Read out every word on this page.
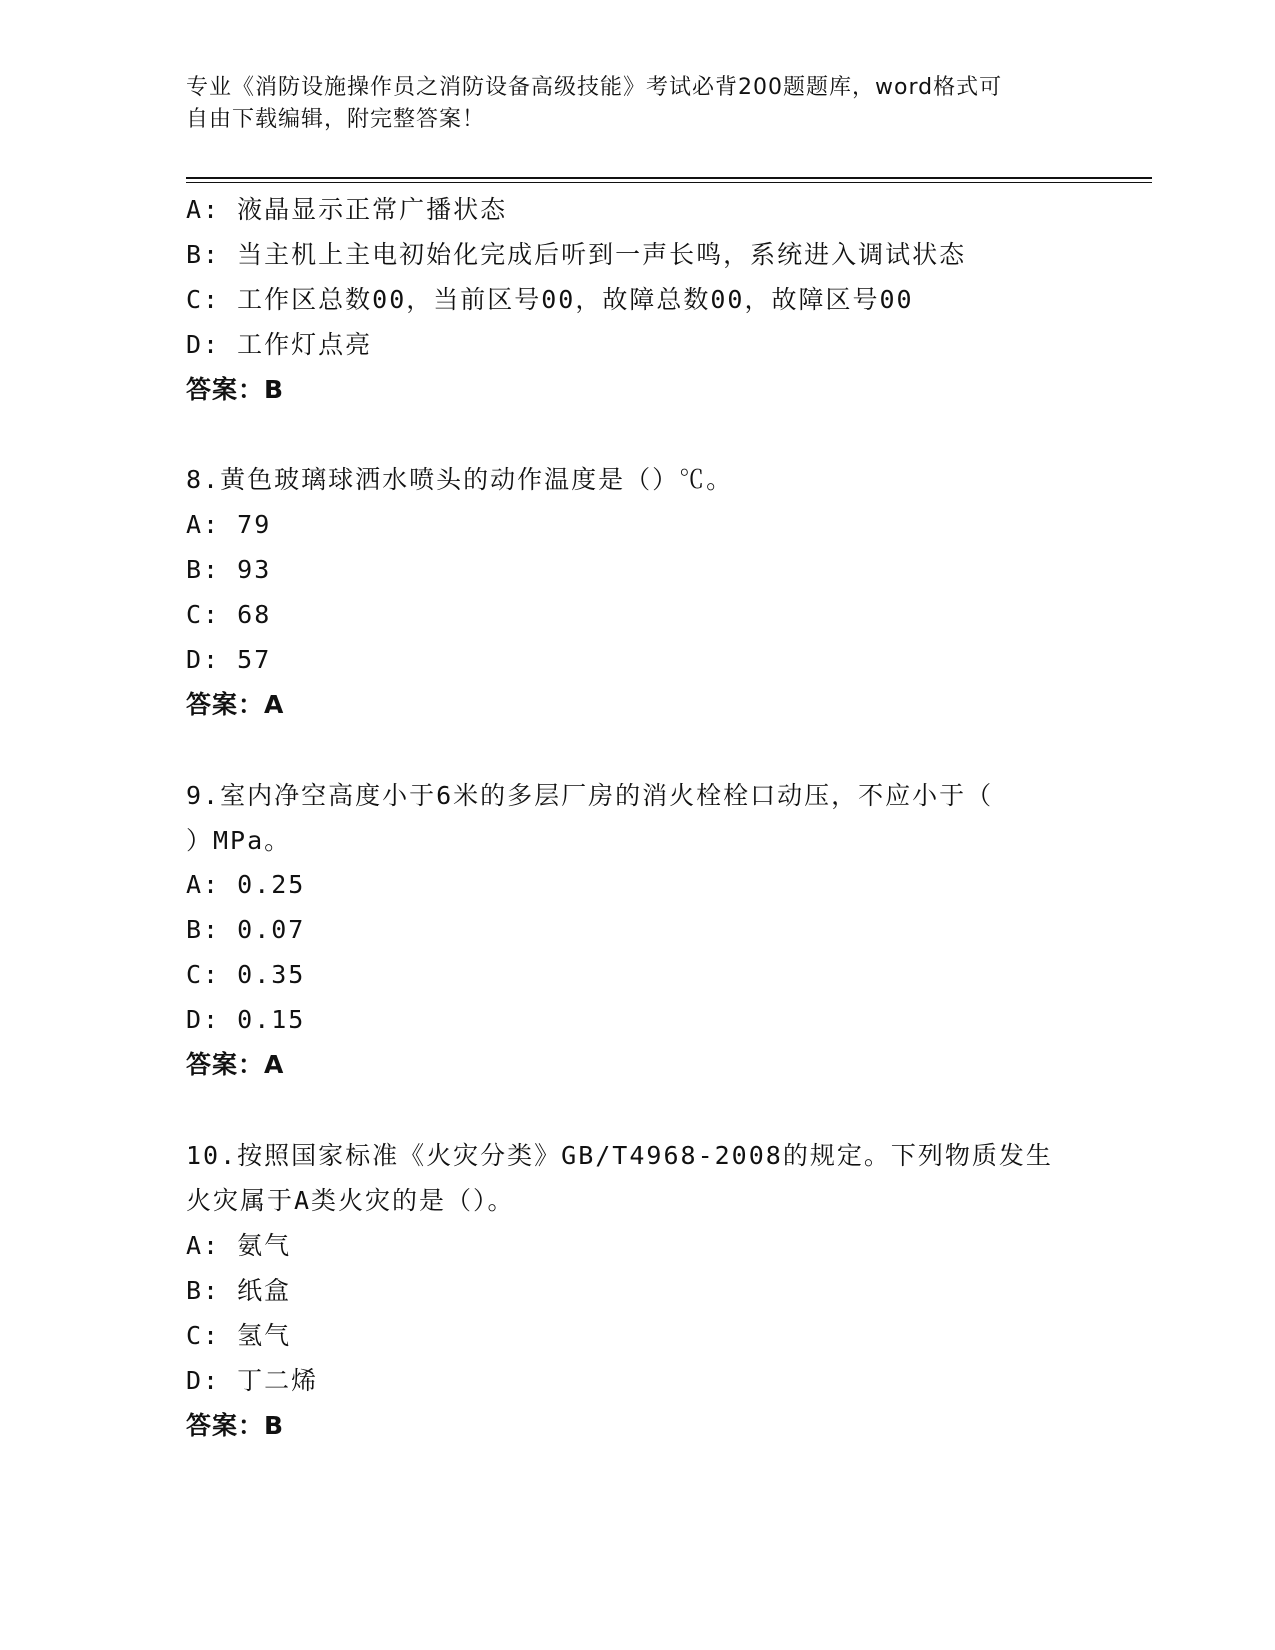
专业《消防设施操作员之消防设备高级技能》考试必背200题题库，word格式可
自由下载编辑，附完整答案！

A: 液晶显示正常广播状态

B: 当主机上主电初始化完成后听到一声长鸣，系统进入调试状态

C: 工作区总数00，当前区号00，故障总数00，故障区号00

D: 工作灯点亮

答案：B

8.黄色玻璃球洒水喷头的动作温度是（）℃。

A: 79

B: 93

C: 68

D: 57

答案：A

9.室内净空高度小于6米的多层厂房的消火栓栓口动压，不应小于（

）MPa。

A: 0.25

B: 0.07

C: 0.35

D: 0.15

答案：A

10.按照国家标准《火灾分类》GB/T4968-2008的规定。下列物质发生

火灾属于A类火灾的是（）。

A: 氨气

B: 纸盒

C: 氢气

D: 丁二烯

答案：B
